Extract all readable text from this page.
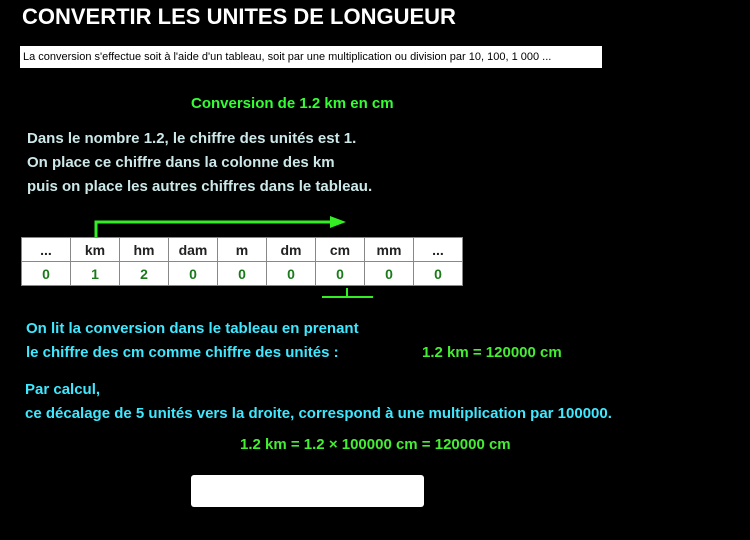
CONVERTIR LES UNITES DE LONGUEUR
La conversion s'effectue soit à l'aide d'un tableau, soit par une multiplication ou division par 10, 100, 1 000 ...
Conversion de 1.2 km en cm
Dans le nombre 1.2, le chiffre des unités est 1.
On place ce chiffre dans la colonne des km
puis on place les autres chiffres dans le tableau.
...	km	hm	dam	m	dm	cm	mm	...
0	1	2	0	0	0	0	0	0
On lit la conversion dans le tableau en prenant
le chiffre des cm comme chiffre des unités :	1.2 km = 120000 cm
Par calcul,
ce décalage de 5 unités vers la droite, correspond à une multiplication par 100000.
1.2 km = 1.2 × 100000 cm = 120000 cm
